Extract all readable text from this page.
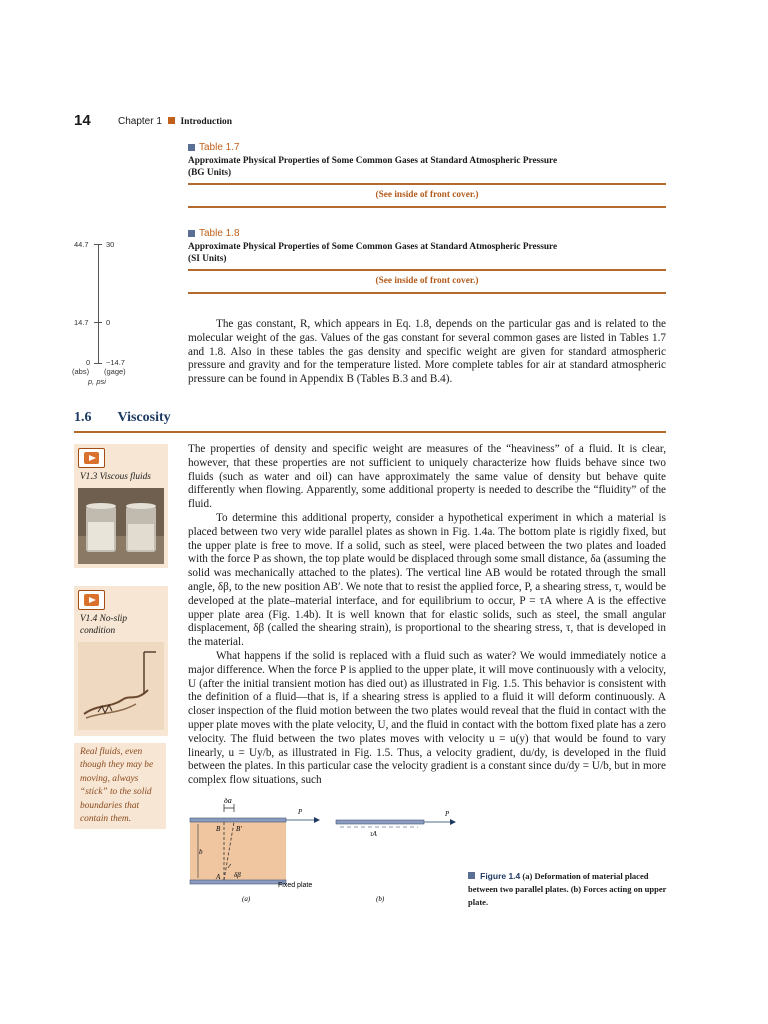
14	Chapter 1 Introduction
Table 1.7
Approximate Physical Properties of Some Common Gases at Standard Atmospheric Pressure
(BG Units)
(See inside of front cover.)
Table 1.8
Approximate Physical Properties of Some Common Gases at Standard Atmospheric Pressure
(SI Units)
(See inside of front cover.)
44.7 30
14.7 0
0 −14.7
(abs) (gage)
p, psi

The gas constant, R, which appears in Eq. 1.8, depends on the particular gas and is related to the molecular weight of the gas. Values of the gas constant for several common gases are listed in Tables 1.7 and 1.8. Also in these tables the gas density and specific weight are given for standard atmospheric pressure and gravity and for the temperature listed. More complete tables for air at standard atmospheric pressure can be found in Appendix B (Tables B.3 and B.4).

1.6 Viscosity
V1.3 Viscous fluids
V1.4 No-slip
condition
Real fluids, even though they may be moving, always “stick” to the solid boundaries that contain them.

The properties of density and specific weight are measures of the “heaviness” of a fluid. It is clear, however, that these properties are not sufficient to uniquely characterize how fluids behave since two fluids (such as water and oil) can have approximately the same value of density but behave quite differently when flowing. Apparently, some additional property is needed to describe the “fluidity” of the fluid.

To determine this additional property, consider a hypothetical experiment in which a material is placed between two very wide parallel plates as shown in Fig. 1.4a. The bottom plate is rigidly fixed, but the upper plate is free to move. If a solid, such as steel, were placed between the two plates and loaded with the force P as shown, the top plate would be displaced through some small distance, δa (assuming the solid was mechanically attached to the plates). The vertical line AB would be rotated through the small angle, δβ, to the new position AB′. We note that to resist the applied force, P, a shearing stress, τ, would be developed at the plate–material interface, and for equilibrium to occur, P = τA where A is the effective upper plate area (Fig. 1.4b). It is well known that for elastic solids, such as steel, the small angular displacement, δβ (called the shearing strain), is proportional to the shearing stress, τ, that is developed in the material.

What happens if the solid is replaced with a fluid such as water? We would immediately notice a major difference. When the force P is applied to the upper plate, it will move continuously with a velocity, U (after the initial transient motion has died out) as illustrated in Fig. 1.5. This behavior is consistent with the definition of a fluid—that is, if a shearing stress is applied to a fluid it will deform continuously. A closer inspection of the fluid motion between the two plates would reveal that the fluid in contact with the upper plate moves with the plate velocity, U, and the fluid in contact with the bottom fixed plate has a zero velocity. The fluid between the two plates moves with velocity u = u(y) that would be found to vary linearly, u = Uy/b, as illustrated in Fig. 1.5. Thus, a velocity gradient, du/dy, is developed in the fluid between the plates. In this particular case the velocity gradient is a constant since du/dy = U/b, but in more complex flow situations, such

δa
P
B B′
b
A δβ
Fixed plate
(a)
P
τA
(b)
Figure 1.4 (a) Deformation of material placed between two parallel plates. (b) Forces acting on upper plate.
